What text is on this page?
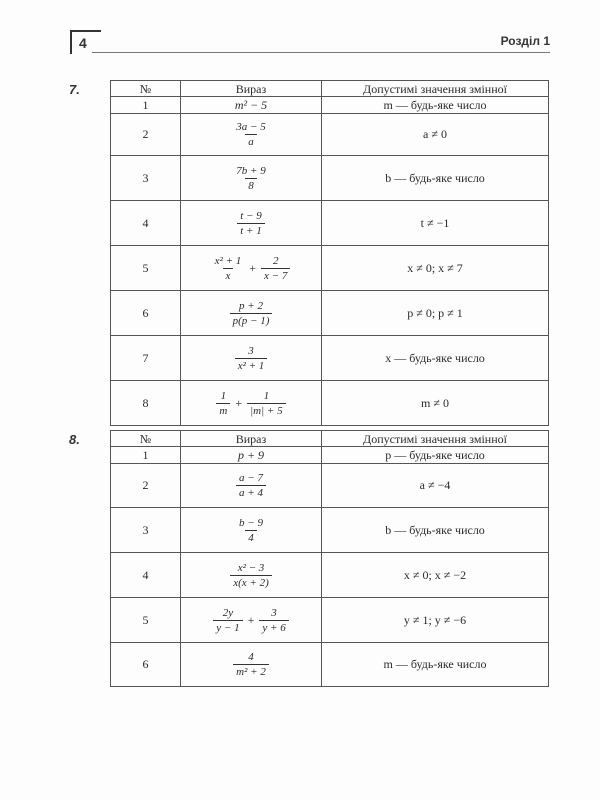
4	Розділ 1
7.	№	Вираз	Допустимі значення змінної
1	m² − 5	m — будь-яке число
2	$\frac{3a - 5}{a}$	a ≠ 0
3	$\frac{7b + 9}{8}$	b — будь-яке число
4	$\frac{t - 9}{t + 1}$	t ≠ −1
5	$\frac{\text{x² + 1}}{x} + \frac{2}{x - 7}$	x ≠ 0; x ≠ 7
6	$\frac{p + 2}{p(p - 1)}$	p ≠ 0; p ≠ 1
7	$\frac{3}{\text{x² + 1}}$	x — будь-яке число
8	$\frac{1}{m} + \frac{1}{|m| + 5}$	m ≠ 0
8.	№	Вираз	Допустимі значення змінної
1	p + 9	p — будь-яке число
2	$\frac{a - 7}{a + 4}$	a ≠ −4
3	$\frac{b - 9}{4}$	b — будь-яке число
4	$\frac{\text{x² − 3}}{x(x + 2)}$	x ≠ 0; x ≠ −2
5	$\frac{2y}{y - 1} + \frac{3}{y + 6}$	y ≠ 1; y ≠ −6
6	$\frac{4}{\text{m² + 2}}$	m — будь-яке число
